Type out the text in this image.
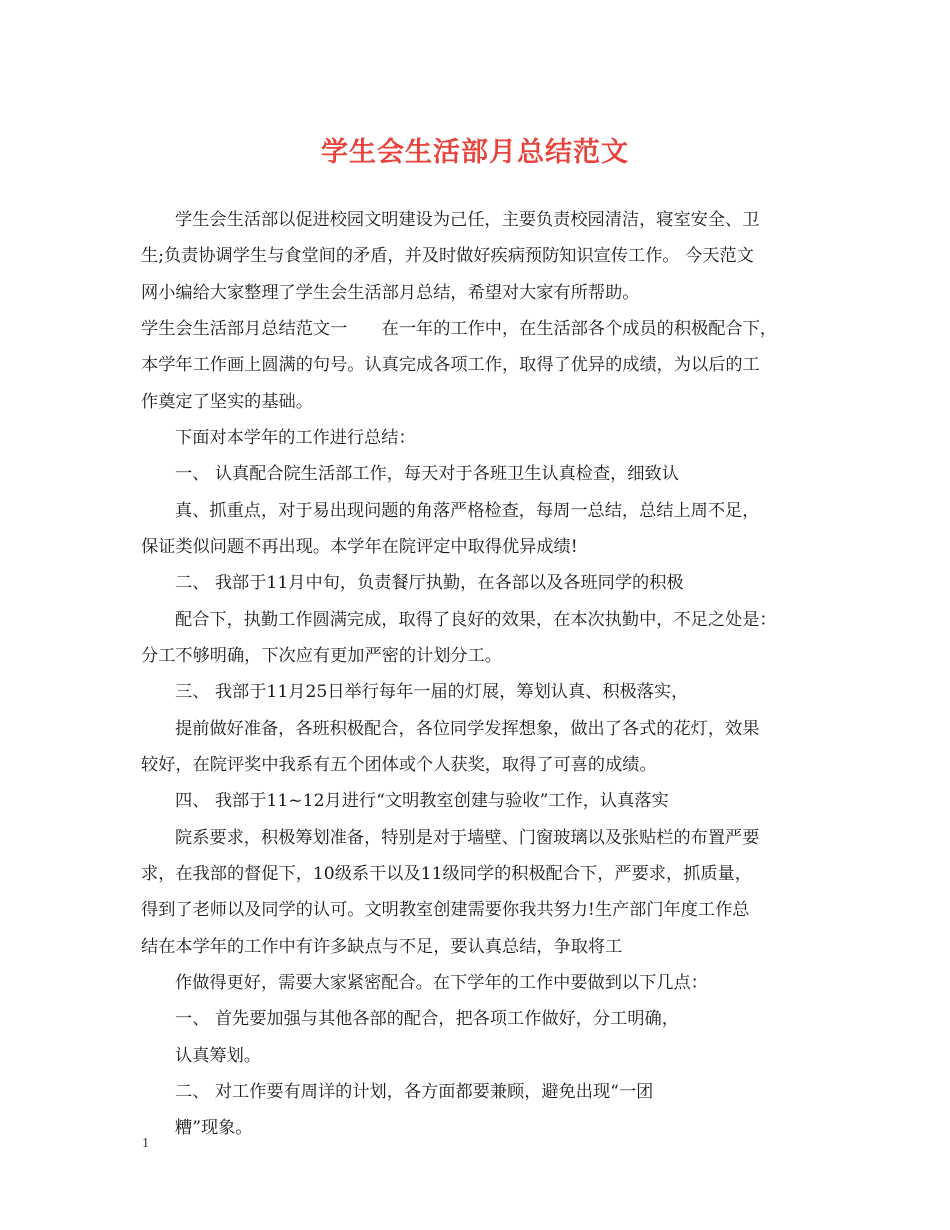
学生会生活部月总结范文

学生会生活部以促进校园文明建设为己任，主要负责校园清洁，寝室安全、卫

生;负责协调学生与食堂间的矛盾，并及时做好疾病预防知识宣传工作。 今天范文

网小编给大家整理了学生会生活部月总结，希望对大家有所帮助。

学生会生活部月总结范文一　　在一年的工作中，在生活部各个成员的积极配合下，

本学年工作画上圆满的句号。认真完成各项工作，取得了优异的成绩，为以后的工

作奠定了坚实的基础。

下面对本学年的工作进行总结：

一、 认真配合院生活部工作，每天对于各班卫生认真检查，细致认

真、抓重点，对于易出现问题的角落严格检查，每周一总结，总结上周不足，

保证类似问题不再出现。本学年在院评定中取得优异成绩!

二、 我部于11月中旬，负责餐厅执勤，在各部以及各班同学的积极

配合下，执勤工作圆满完成，取得了良好的效果，在本次执勤中，不足之处是：

分工不够明确，下次应有更加严密的计划分工。

三、 我部于11月25日举行每年一届的灯展，筹划认真、积极落实，

提前做好准备，各班积极配合，各位同学发挥想象，做出了各式的花灯，效果

较好，在院评奖中我系有五个团体或个人获奖，取得了可喜的成绩。

四、 我部于11~12月进行“文明教室创建与验收”工作，认真落实

院系要求，积极筹划准备，特别是对于墙壁、门窗玻璃以及张贴栏的布置严要

求，在我部的督促下，10级系干以及11级同学的积极配合下，严要求，抓质量，

得到了老师以及同学的认可。文明教室创建需要你我共努力!生产部门年度工作总

结在本学年的工作中有许多缺点与不足，要认真总结，争取将工

作做得更好，需要大家紧密配合。在下学年的工作中要做到以下几点：

一、 首先要加强与其他各部的配合，把各项工作做好，分工明确，

认真筹划。

二、 对工作要有周详的计划，各方面都要兼顾，避免出现“一团

糟”现象。

1
